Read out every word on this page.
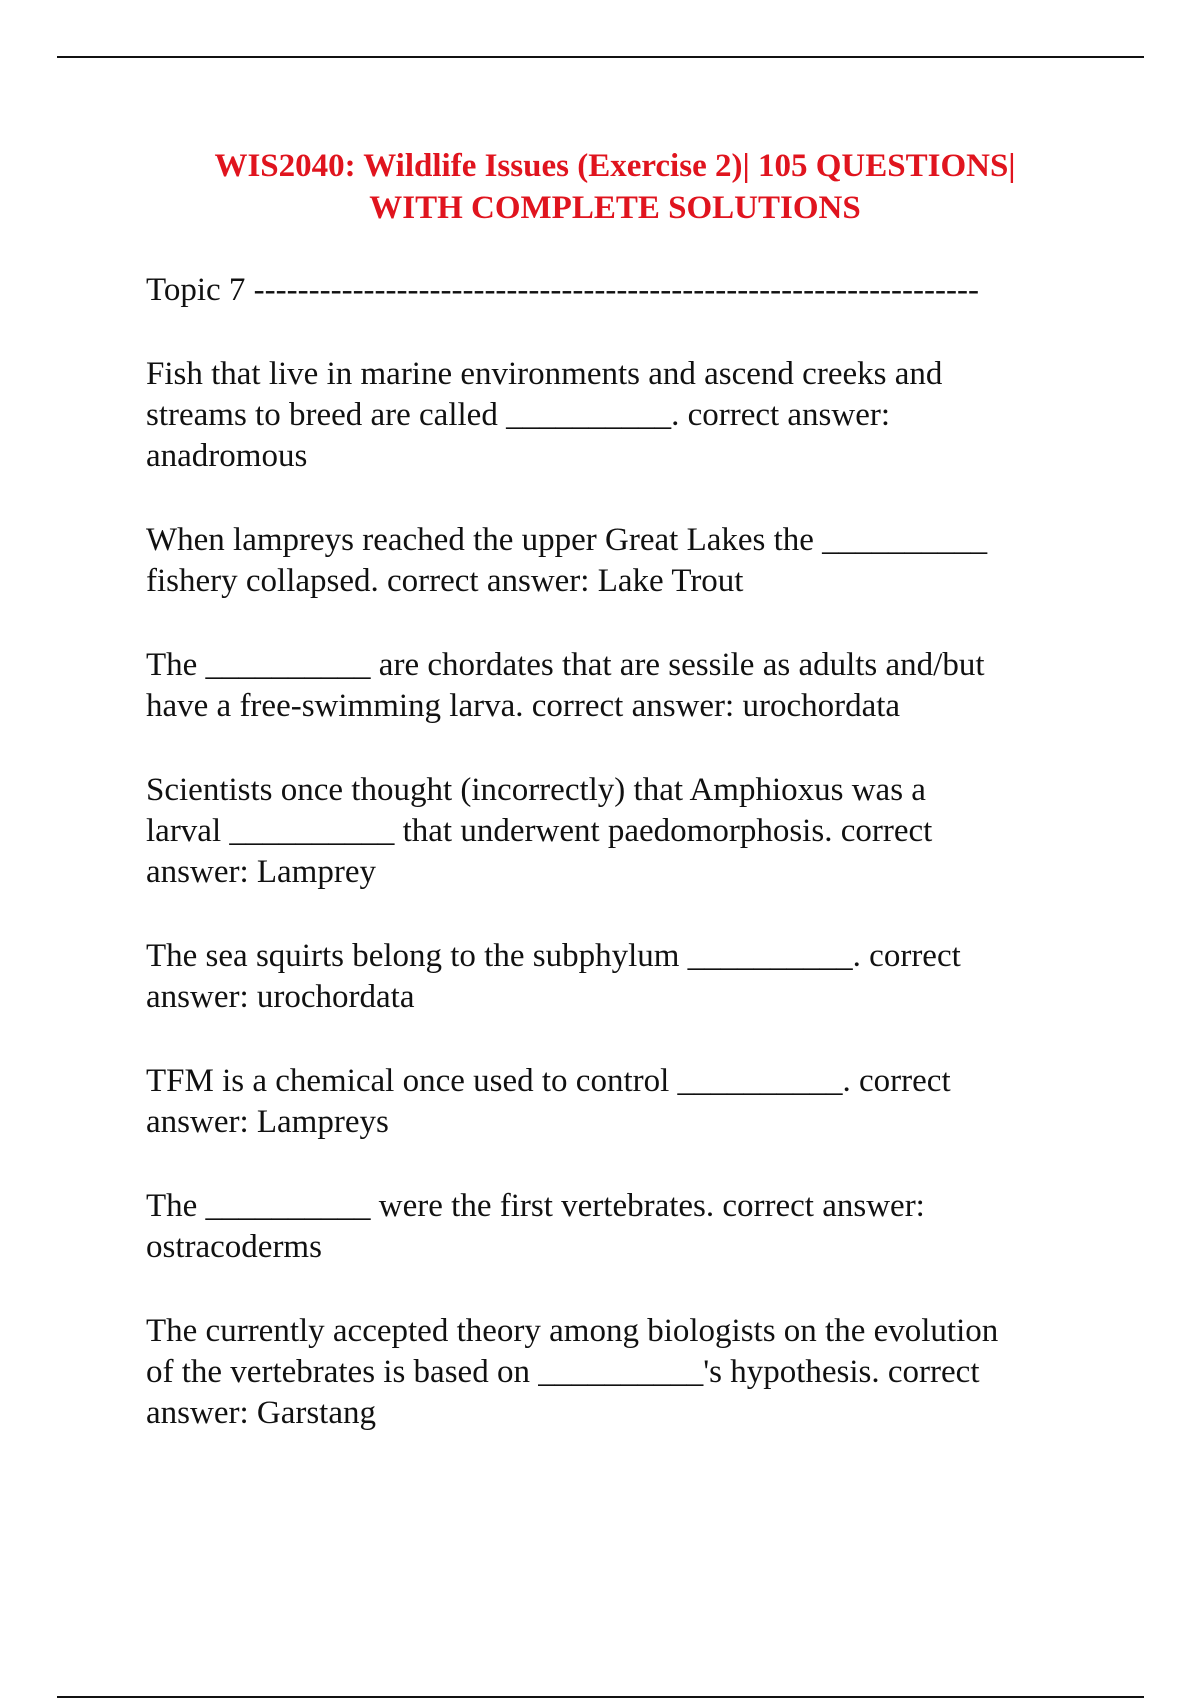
WIS2040: Wildlife Issues (Exercise 2)| 105 QUESTIONS|
WITH COMPLETE SOLUTIONS
Topic 7 ------------------------------------------------------------------

Fish that live in marine environments and ascend creeks and

streams to breed are called __________. correct answer:

anadromous

When lampreys reached the upper Great Lakes the __________

fishery collapsed. correct answer: Lake Trout

The __________ are chordates that are sessile as adults and/but

have a free-swimming larva. correct answer: urochordata

Scientists once thought (incorrectly) that Amphioxus was a

larval __________ that underwent paedomorphosis. correct

answer: Lamprey

The sea squirts belong to the subphylum __________. correct

answer: urochordata

TFM is a chemical once used to control __________. correct

answer: Lampreys

The __________ were the first vertebrates. correct answer:

ostracoderms

The currently accepted theory among biologists on the evolution

of the vertebrates is based on __________'s hypothesis. correct

answer: Garstang
